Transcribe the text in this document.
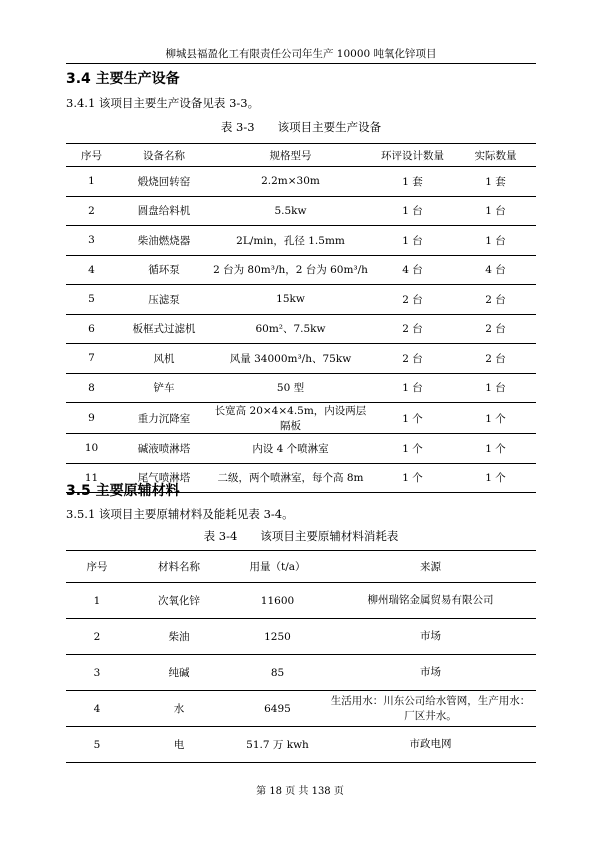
柳城县福盈化工有限责任公司年生产 10000 吨氧化锌项目
3.4 主要生产设备
3.4.1 该项目主要生产设备见表 3-3。
表 3-3　　该项目主要生产设备
序号	设备名称	规格型号	环评设计数量	实际数量
1	煅烧回转窑	2.2m×30m	1 套	1 套
2	圆盘给料机	5.5kw	1 台	1 台
3	柴油燃烧器	2L/min，孔径 1.5mm	1 台	1 台
4	循环泵	2 台为 80m³/h，2 台为 60m³/h	4 台	4 台
5	压滤泵	15kw	2 台	2 台
6	板框式过滤机	60m²、7.5kw	2 台	2 台
7	风机	风量 34000m³/h、75kw	2 台	2 台
8	铲车	50 型	1 台	1 台
9	重力沉降室	长宽高 20×4×4.5m，内设两层隔板	1 个	1 个
10	碱液喷淋塔	内设 4 个喷淋室	1 个	1 个
11	尾气喷淋塔	二级，两个喷淋室，每个高 8m	1 个	1 个
3.5 主要原辅材料
3.5.1 该项目主要原辅材料及能耗见表 3-4。
表 3-4　　该项目主要原辅材料消耗表
序号	材料名称	用量（t/a）	来源
1	次氧化锌	11600	柳州瑞铭金属贸易有限公司
2	柴油	1250	市场
3	纯碱	85	市场
4	水	6495	生活用水：川东公司给水管网，生产用水：厂区井水。
5	电	51.7 万 kwh	市政电网
第 18 页 共 138 页
